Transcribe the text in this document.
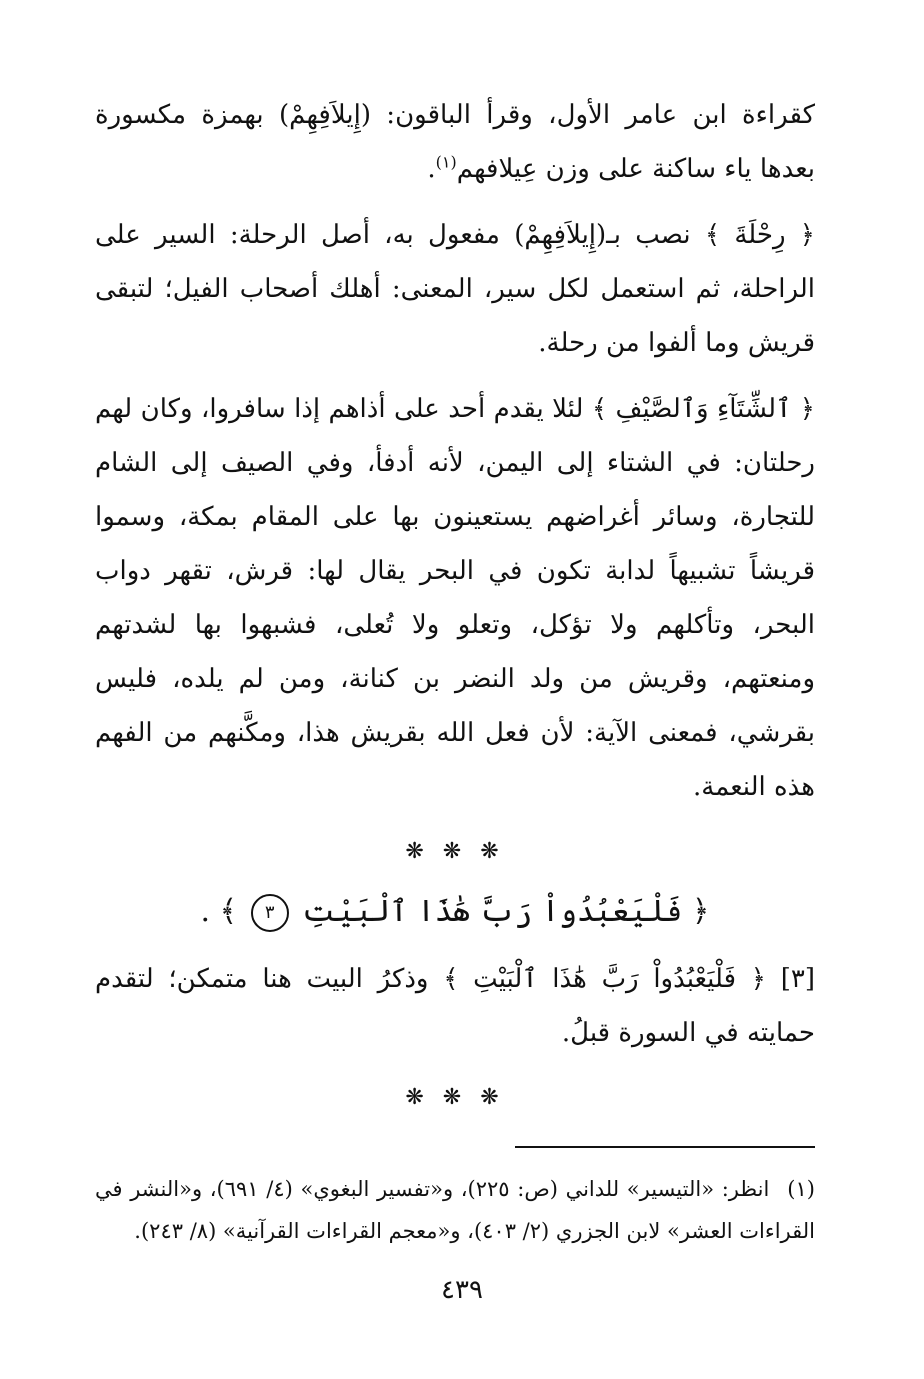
كقراءة ابن عامر الأول، وقرأ الباقون: (إِيلاَفِهِمْ) بهمزة مكسورة بعدها ياء ساكنة على وزن عِيلافهم$^{(١)}$.

﴿ رِحْلَةَ ﴾ نصب بـ(إِيلاَفِهِمْ) مفعول به، أصل الرحلة: السير على الراحلة، ثم استعمل لكل سير، المعنى: أهلك أصحاب الفيل؛ لتبقى قريش وما ألفوا من رحلة.

﴿ ٱلشِّتَآءِ وَٱلصَّيْفِ ﴾ لئلا يقدم أحد على أذاهم إذا سافروا، وكان لهم رحلتان: في الشتاء إلى اليمن، لأنه أدفأ، وفي الصيف إلى الشام للتجارة، وسائر أغراضهم يستعينون بها على المقام بمكة، وسموا قريشاً تشبيهاً لدابة تكون في البحر يقال لها: قرش، تقهر دواب البحر، وتأكلهم ولا تؤكل، وتعلو ولا تُعلى، فشبهوا بها لشدتهم ومنعتهم، وقريش من ولد النضر بن كنانة، ومن لم يلده، فليس بقرشي، فمعنى الآية: لأن فعل الله بقريش هذا، ومكَّنهم من الفهم هذه النعمة.

❋ ❋ ❋
﴿ فَلْيَعْبُدُواْ رَبَّ هَٰذَا ٱلْبَيْتِ ٣ ﴾ .

[٣] ﴿ فَلْيَعْبُدُواْ رَبَّ هَٰذَا ٱلْبَيْتِ ﴾ وذكرُ البيت هنا متمكن؛ لتقدم حمايته في السورة قبلُ.

❋ ❋ ❋

(١)انظر: «التيسير» للداني (ص: ٢٢٥)، و«تفسير البغوي» (٤/ ٦٩١)، و«النشر في القراءات العشر» لابن الجزري (٢/ ٤٠٣)، و«معجم القراءات القرآنية» (٨/ ٢٤٣).

٤٣٩
